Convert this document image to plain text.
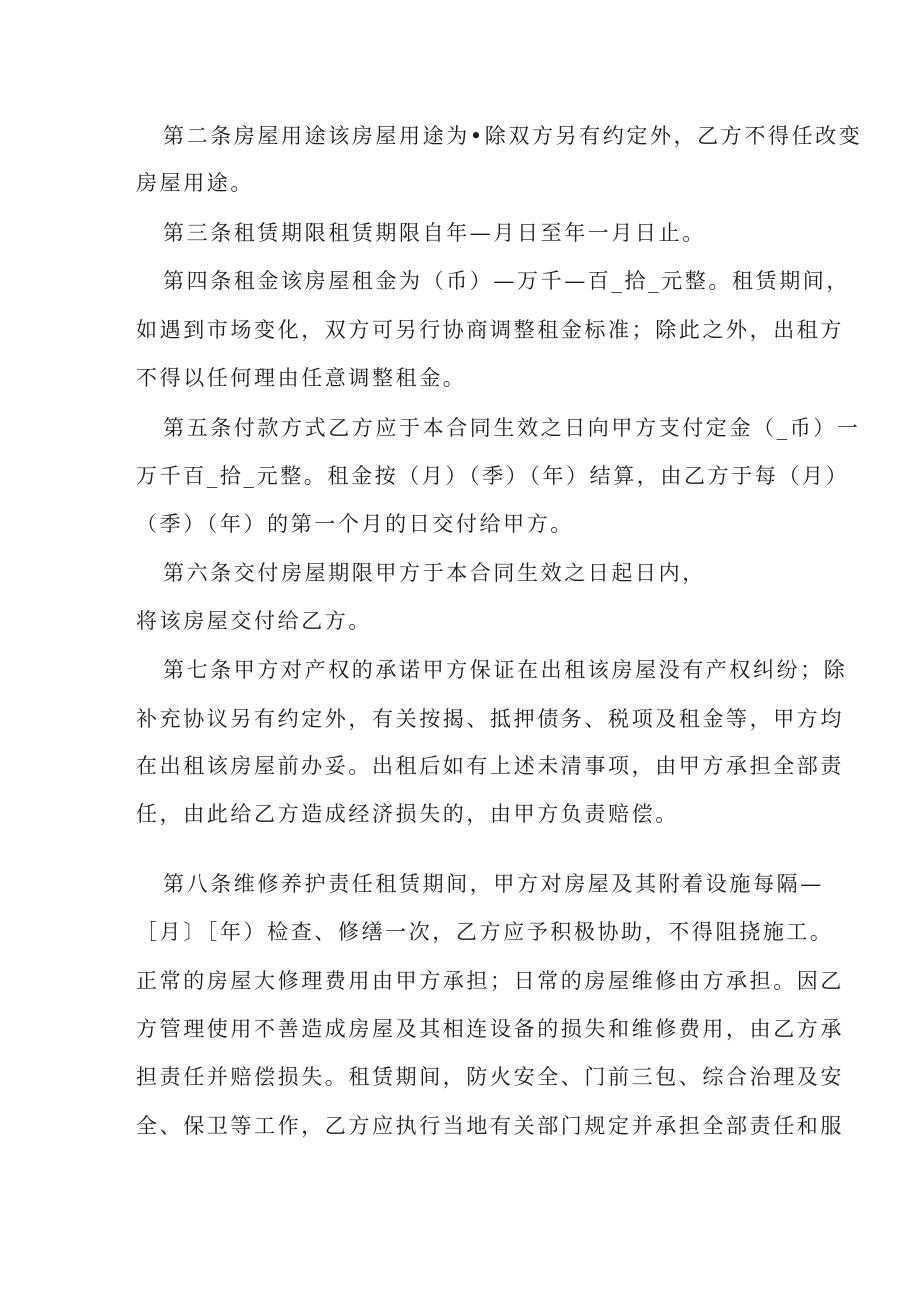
第二条房屋用途该房屋用途为•除双方另有约定外，乙方不得任改变

房屋用途。

第三条租赁期限租赁期限自年—月日至年一月日止。

第四条租金该房屋租金为（币）—万千—百_拾_元整。租赁期间，

如遇到市场变化，双方可另行协商调整租金标准；除此之外，出租方

不得以任何理由任意调整租金。

第五条付款方式乙方应于本合同生效之日向甲方支付定金（_币）一

万千百_拾_元整。租金按（月）（季）（年）结算，由乙方于每（月）

（季）（年）的第一个月的日交付给甲方。

第六条交付房屋期限甲方于本合同生效之日起日内，

将该房屋交付给乙方。

第七条甲方对产权的承诺甲方保证在出租该房屋没有产权纠纷；除

补充协议另有约定外，有关按揭、抵押债务、税项及租金等，甲方均

在出租该房屋前办妥。出租后如有上述未清事项，由甲方承担全部责

任，由此给乙方造成经济损失的，由甲方负责赔偿。

第八条维修养护责任租赁期间，甲方对房屋及其附着设施每隔—

［月〕［年）检查、修缮一次，乙方应予积极协助，不得阻挠施工。

正常的房屋大修理费用由甲方承担；日常的房屋维修由方承担。因乙

方管理使用不善造成房屋及其相连设备的损失和维修费用，由乙方承

担责任并赔偿损失。租赁期间，防火安全、门前三包、综合治理及安

全、保卫等工作，乙方应执行当地有关部门规定并承担全部责任和服
